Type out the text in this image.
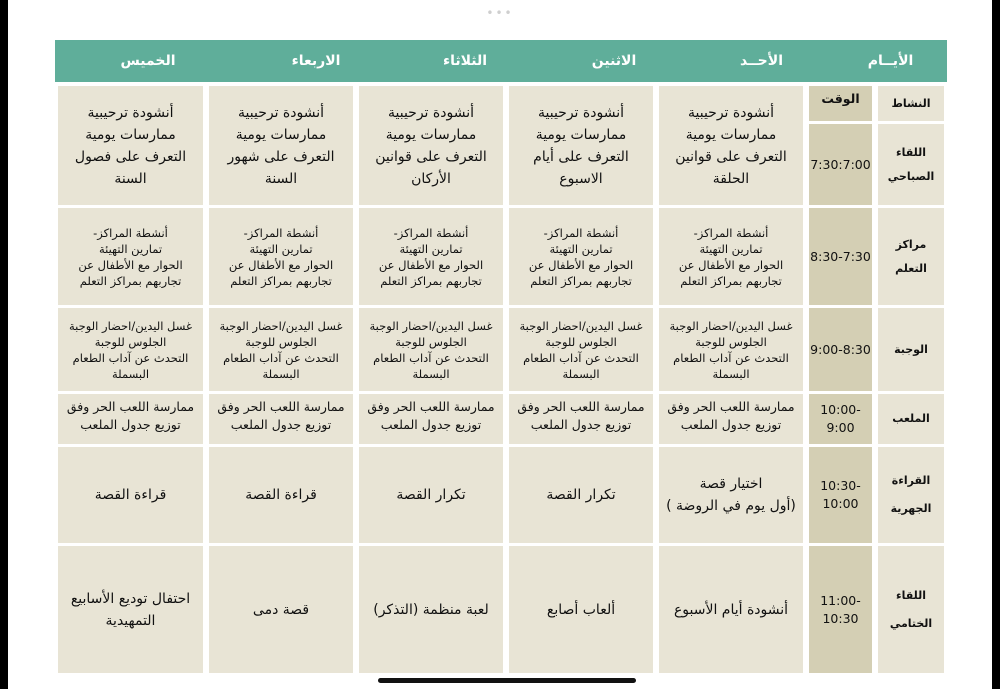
•••
الأيــام
الأحــد
الاثنين
الثلاثاء
الاربعاء
الخميس
النشاط
الوقت
اللقاء
الصباحي
7:30:7:00
أنشودة ترحيبية
ممارسات يومية
التعرف على قوانين
الحلقة
أنشودة ترحيبية
ممارسات يومية
التعرف على أيام
الاسبوع
أنشودة ترحيبية
ممارسات يومية
التعرف على قوانين
الأركان
أنشودة ترحيبية
ممارسات يومية
التعرف على شهور
السنة
أنشودة ترحيبية
ممارسات يومية
التعرف على فصول
السنة
مراكز التعلم
8:30-7:30
أنشطة المراكز-
تمارين التهيئة
الحوار مع الأطفال عن
تجاربهم بمراكز التعلم
أنشطة المراكز-
تمارين التهيئة
الحوار مع الأطفال عن
تجاربهم بمراكز التعلم
أنشطة المراكز-
تمارين التهيئة
الحوار مع الأطفال عن
تجاربهم بمراكز التعلم
أنشطة المراكز-
تمارين التهيئة
الحوار مع الأطفال عن
تجاربهم بمراكز التعلم
أنشطة المراكز-
تمارين التهيئة
الحوار مع الأطفال عن
تجاربهم بمراكز التعلم
الوجبة
9:00-8:30
غسل اليدين/احضار الوجبة
الجلوس للوجبة
التحدث عن آداب الطعام
البسملة
غسل اليدين/احضار الوجبة
الجلوس للوجبة
التحدث عن آداب الطعام
البسملة
غسل اليدين/احضار الوجبة
الجلوس للوجبة
التحدث عن آداب الطعام
البسملة
غسل اليدين/احضار الوجبة
الجلوس للوجبة
التحدث عن آداب الطعام
البسملة
غسل اليدين/احضار الوجبة
الجلوس للوجبة
التحدث عن آداب الطعام
البسملة
الملعب
10:00-
9:00
ممارسة اللعب الحر وفق
توزيع جدول الملعب
ممارسة اللعب الحر وفق
توزيع جدول الملعب
ممارسة اللعب الحر وفق
توزيع جدول الملعب
ممارسة اللعب الحر وفق
توزيع جدول الملعب
ممارسة اللعب الحر وفق
توزيع جدول الملعب
القراءة

الجهرية
10:30-
10:00
اختيار قصة
(أول يوم في الروضة )
تكرار القصة
تكرار القصة
قراءة القصة
قراءة القصة
اللقاء

الختامي
11:00-
10:30
أنشودة أيام الأسبوع
ألعاب أصابع
لعبة منظمة (التذكر)
قصة دمى
احتفال توديع الأسابيع
التمهيدية
